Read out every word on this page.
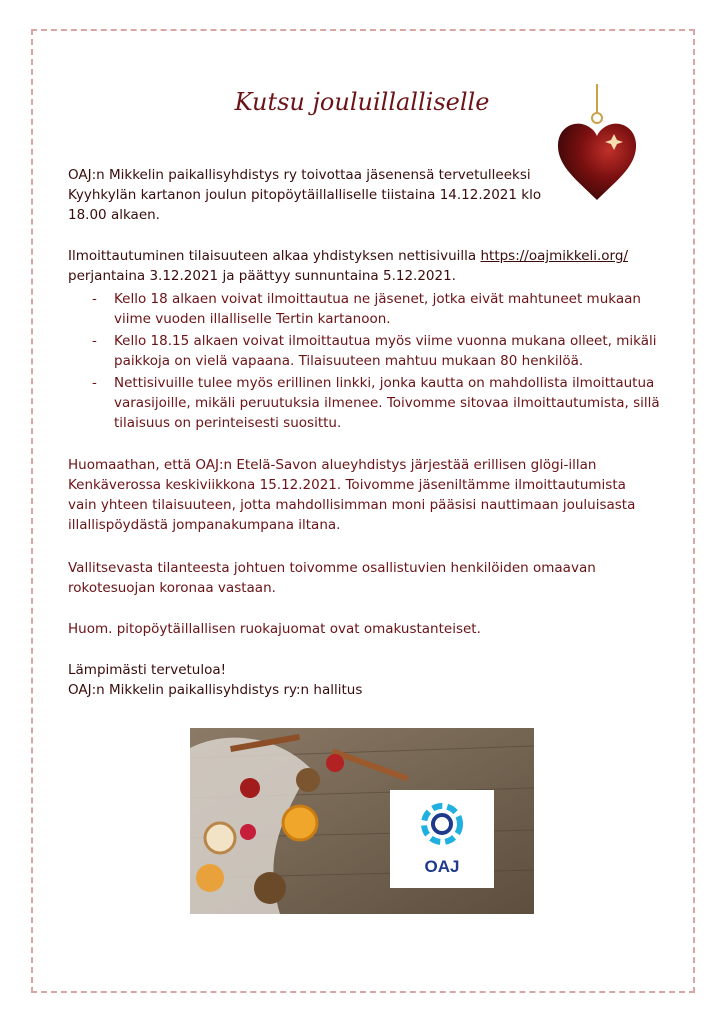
Kutsu jouluillalliselle
OAJ:n Mikkelin paikallisyhdistys ry toivottaa jäsenensä tervetulleeksi Kyyhkylän kartanon joulun pitopöytäillalliselle tiistaina 14.12.2021 klo 18.00 alkaen.
Ilmoittautuminen tilaisuuteen alkaa yhdistyksen nettisivuilla https://oajmikkeli.org/
perjantaina 3.12.2021 ja päättyy sunnuntaina 5.12.2021.
- Kello 18 alkaen voivat ilmoittautua ne jäsenet, jotka eivät mahtuneet mukaan viime vuoden illalliselle Tertin kartanoon.
- Kello 18.15 alkaen voivat ilmoittautua myös viime vuonna mukana olleet, mikäli paikkoja on vielä vapaana. Tilaisuuteen mahtuu mukaan 80 henkilöä.
- Nettisivuille tulee myös erillinen linkki, jonka kautta on mahdollista ilmoittautua varasijoille, mikäli peruutuksia ilmenee. Toivomme sitovaa ilmoittautumista, sillä tilaisuus on perinteisesti suosittu.
Huomaathan, että OAJ:n Etelä-Savon alueyhdistys järjestää erillisen glögi-illan Kenkäverossa keskiviikkona 15.12.2021. Toivomme jäseniltämme ilmoittautumista vain yhteen tilaisuuteen, jotta mahdollisimman moni pääsisi nauttimaan jouluisasta illallispöydästä jompanakumpana iltana.
Vallitsevasta tilanteesta johtuen toivomme osallistuvien henkilöiden omaavan rokotesuojan koronaa vastaan.
Huom. pitopöytäillallisen ruokajuomat ovat omakustanteiset.
Lämpimästi tervetuloa!
OAJ:n Mikkelin paikallisyhdistys ry:n hallitus
OAJ
